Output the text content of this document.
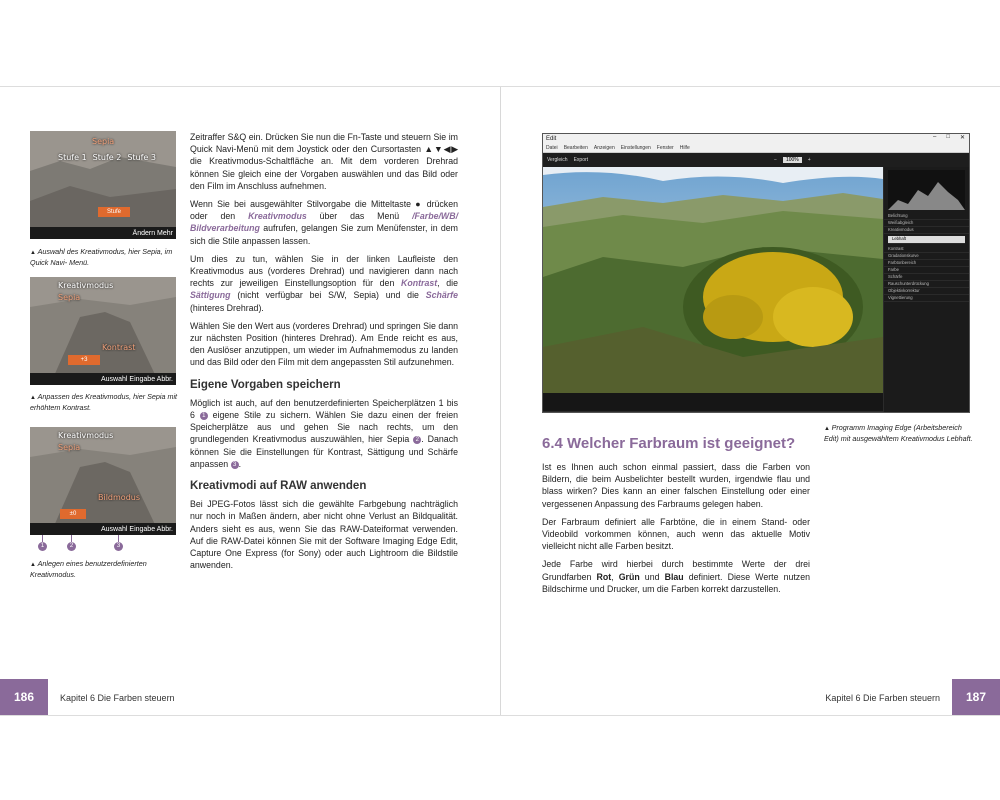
Sepia
Stufe 1 Stufe 2 Stufe 3
Stufe
Ändern Mehr
▲ Auswahl des Kreativmodus, hier Sepia, im Quick Navi- Menü.
Kreativmodus
Sepia
Kontrast
+3
Auswahl Eingabe Abbr.
▲ Anpassen des Kreativmodus, hier Sepia mit erhöhtem Kontrast.
Kreativmodus
Sepia
Bildmodus
±0
Auswahl Eingabe Abbr.
1	2	3
▲ Anlegen eines benutzerdefinierten Kreativmodus.

Zeitraffer S&Q ein. Drücken Sie nun die Fn-Taste und steuern Sie im Quick Navi-Menü mit dem Joystick oder den Cursortasten ▲▼◀▶ die Kreativmodus-Schaltfläche an. Mit dem vorderen Drehrad können Sie gleich eine der Vorgaben auswählen und das Bild oder den Film im Anschluss aufnehmen.

Wenn Sie bei ausgewählter Stilvorgabe die Mitteltaste ● drücken oder den Kreativmodus über das Menü /Farbe/WB/ Bildverarbeitung aufrufen, gelangen Sie zum Menüfenster, in dem sich die Stile anpassen lassen.

Um dies zu tun, wählen Sie in der linken Laufleiste den Kreativmodus aus (vorderes Drehrad) und navigieren dann nach rechts zur jeweiligen Einstellungsoption für den Kontrast, die Sättigung (nicht verfügbar bei S/W, Sepia) und die Schärfe (hinteres Drehrad).

Wählen Sie den Wert aus (vorderes Drehrad) und springen Sie dann zur nächsten Position (hinteres Drehrad). Am Ende reicht es aus, den Auslöser anzutippen, um wieder im Aufnahmemodus zu landen und das Bild oder den Film mit dem angepassten Stil aufzunehmen.

Eigene Vorgaben speichern

Möglich ist auch, auf den benutzerdefinierten Speicherplätzen 1 bis 6 1 eigene Stile zu sichern. Wählen Sie dazu einen der freien Speicherplätze aus und gehen Sie nach rechts, um den grundlegenden Kreativmodus auszuwählen, hier Sepia 2 . Danach können Sie die Einstellungen für Kontrast, Sättigung und Schärfe anpassen 3 .

Kreativmodi auf RAW anwenden

Bei JPEG-Fotos lässt sich die gewählte Farbgebung nachträglich nur noch in Maßen ändern, aber nicht ohne Verlust an Bildqualität. Anders sieht es aus, wenn Sie das RAW-Dateiformat verwenden. Auf die RAW-Datei können Sie mit der Software Imaging Edge Edit, Capture One Express (for Sony) oder auch Lightroom die Bildstile anwenden.

186	Kapitel 6 Die Farben steuern
Edit	– □ ✕
Datei Bearbeiten Anzeigen Einstellungen Fenster Hilfe
Vergleich Export	−	100%	+
Belichtung
Weißabgleich
Kreativmodus
Lebhaft
Kontrast
Gradationskurve
Farbtonbereich
Farbe
Schärfe
Rauschunterdrückung
Objektivkorrektur
Vignettierung
▲ Programm Imaging Edge (Arbeitsbereich Edit) mit ausgewähltem Kreativmodus Lebhaft.
6.4 Welcher Farbraum ist geeignet?

Ist es Ihnen auch schon einmal passiert, dass die Farben von Bildern, die beim Ausbelichter bestellt wurden, irgendwie flau und blass wirken? Dies kann an einer falschen Einstellung oder einer vergessenen Anpassung des Farbraums gelegen haben.

Der Farbraum definiert alle Farbtöne, die in einem Stand- oder Videobild vorkommen können, auch wenn das aktuelle Motiv vielleicht nicht alle Farben besitzt.

Jede Farbe wird hierbei durch bestimmte Werte der drei Grundfarben Rot, Grün und Blau definiert. Diese Werte nutzen Bildschirme und Drucker, um die Farben korrekt darzustellen.

Kapitel 6 Die Farben steuern	187
